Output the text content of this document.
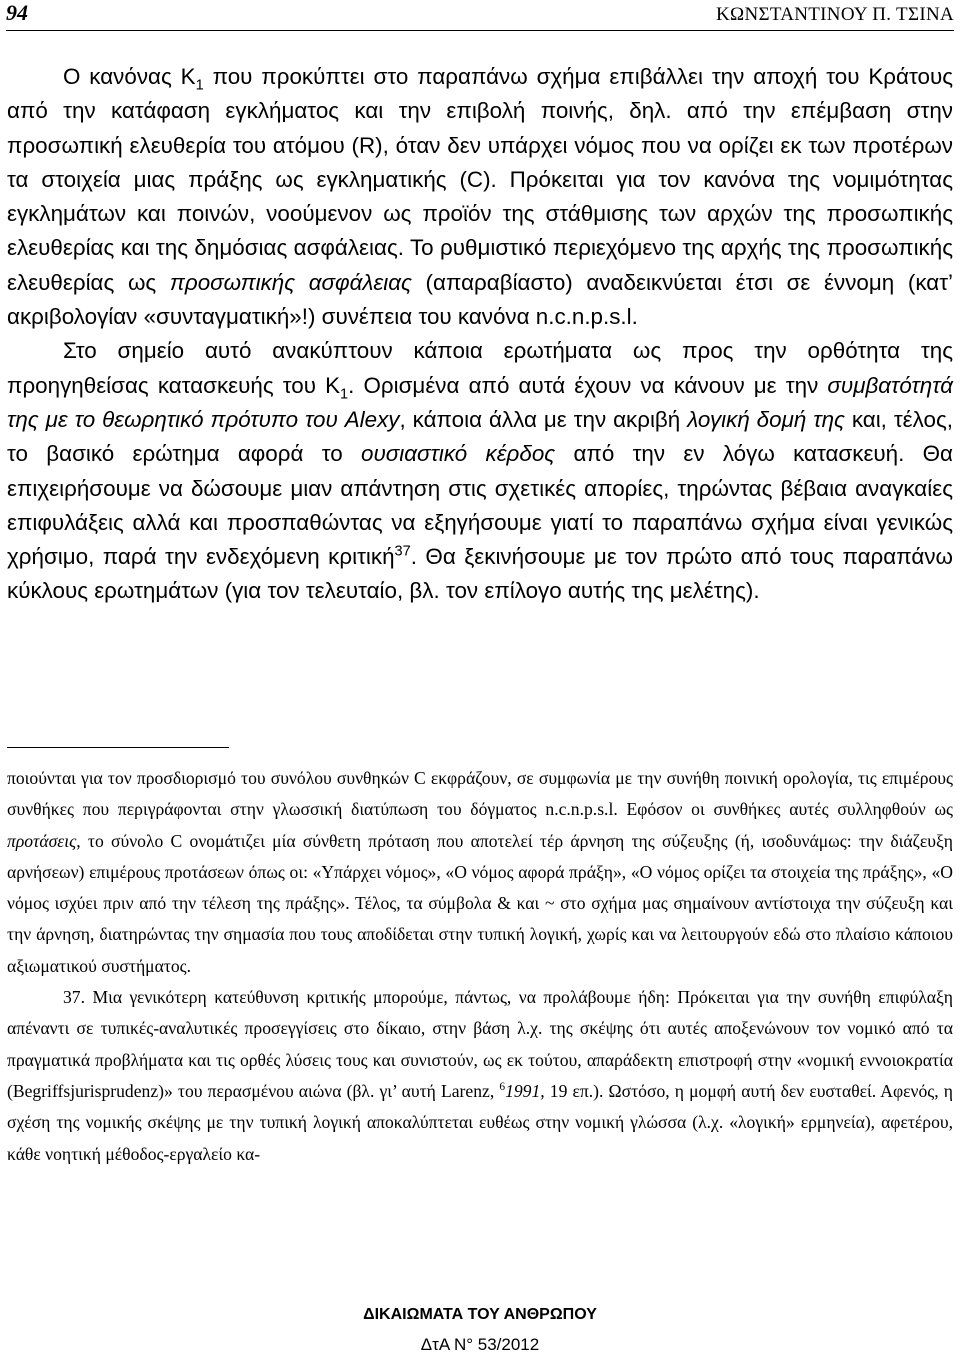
94	ΚΩΝΣΤΑΝΤΙΝΟΥ Π. ΤΣΙΝΑ

Ο κανόνας $K_1$ που προκύπτει στο παραπάνω σχήμα επιβάλλει την αποχή του Κράτους από την κατάφαση εγκλήματος και την επιβολή ποινής, δηλ. από την επέμβαση στην προσωπική ελευθερία του ατόμου (R), όταν δεν υπάρχει νόμος που να ορίζει εκ των προτέρων τα στοιχεία μιας πράξης ως εγκληματικής (C). Πρόκειται για τον κανόνα της νομιμότητας εγκλημάτων και ποινών, νοούμενον ως προϊόν της στάθμισης των αρχών της προσωπικής ελευθερίας και της δημόσιας ασφάλειας. Το ρυθμιστικό περιεχόμενο της αρχής της προσωπικής ελευθερίας ως προσωπικής ασφάλειας (απαραβίαστο) αναδεικνύεται έτσι σε έννομη (κατ’ ακριβολογίαν «συνταγματική»!) συνέπεια του κανόνα n.c.n.p.s.l.

Στο σημείο αυτό ανακύπτουν κάποια ερωτήματα ως προς την ορθότητα της προηγηθείσας κατασκευής του $K_1$. Ορισμένα από αυτά έχουν να κάνουν με την συμβατότητά της με το θεωρητικό πρότυπο του Alexy, κάποια άλλα με την ακριβή λογική δομή της και, τέλος, το βασικό ερώτημα αφορά το ουσιαστικό κέρδος από την εν λόγω κατασκευή. Θα επιχειρήσουμε να δώσουμε μιαν απάντηση στις σχετικές απορίες, τηρώντας βέβαια αναγκαίες επιφυλάξεις αλλά και προσπαθώντας να εξηγήσουμε γιατί το παραπάνω σχήμα είναι γενικώς χρήσιμο, παρά την ενδεχόμενη κριτική$^{37}$. Θα ξεκινήσουμε με τον πρώτο από τους παραπάνω κύκλους ερωτημάτων (για τον τελευταίο, βλ. τον επίλογο αυτής της μελέτης).

ποιούνται για τον προσδιορισμό του συνόλου συνθηκών C εκφράζουν, σε συμφωνία με την συνήθη ποινική ορολογία, τις επιμέρους συνθήκες που περιγράφονται στην γλωσσική διατύπωση του δόγματος n.c.n.p.s.l. Εφόσον οι συνθήκες αυτές συλληφθούν ως προτάσεις, το σύνολο C ονομάτιζει μία σύνθετη πρόταση που αποτελεί τέρ άρνηση της σύζευξης (ή, ισοδυνάμως: την διάζευξη αρνήσεων) επιμέρους προτάσεων όπως οι: «Υπάρχει νόμος», «Ο νόμος αφορά πράξη», «Ο νόμος ορίζει τα στοιχεία της πράξης», «Ο νόμος ισχύει πριν από την τέλεση της πράξης». Τέλος, τα σύμβολα & και ~ στο σχήμα μας σημαίνουν αντίστοιχα την σύζευξη και την άρνηση, διατηρώντας την σημασία που τους αποδίδεται στην τυπική λογική, χωρίς και να λειτουργούν εδώ στο πλαίσιο κάποιου αξιωματικού συστήματος.

37. Μια γενικότερη κατεύθυνση κριτικής μπορούμε, πάντως, να προλάβουμε ήδη: Πρόκειται για την συνήθη επιφύλαξη απέναντι σε τυπικές-αναλυτικές προσεγγίσεις στο δίκαιο, στην βάση λ.χ. της σκέψης ότι αυτές αποξενώνουν τον νομικό από τα πραγματικά προβλήματα και τις ορθές λύσεις τους και συνιστούν, ως εκ τούτου, απαράδεκτη επιστροφή στην «νομική εννοιοκρατία (Begriffsjurisprudenz)» του περασμένου αιώνα (βλ. γι’ αυτή Larenz, $^6$1991, 19 επ.). Ωστόσο, η μομφή αυτή δεν ευσταθεί. Αφενός, η σχέση της νομικής σκέψης με την τυπική λογική αποκαλύπτεται ευθέως στην νομική γλώσσα (λ.χ. «λογική» ερμηνεία), αφετέρου, κάθε νοητική μέθοδος-εργαλείο κα-

ΔΙΚΑΙΩΜΑΤΑ ΤΟΥ ΑΝΘΡΩΠΟΥ
ΔτΑ Ν° 53/2012
